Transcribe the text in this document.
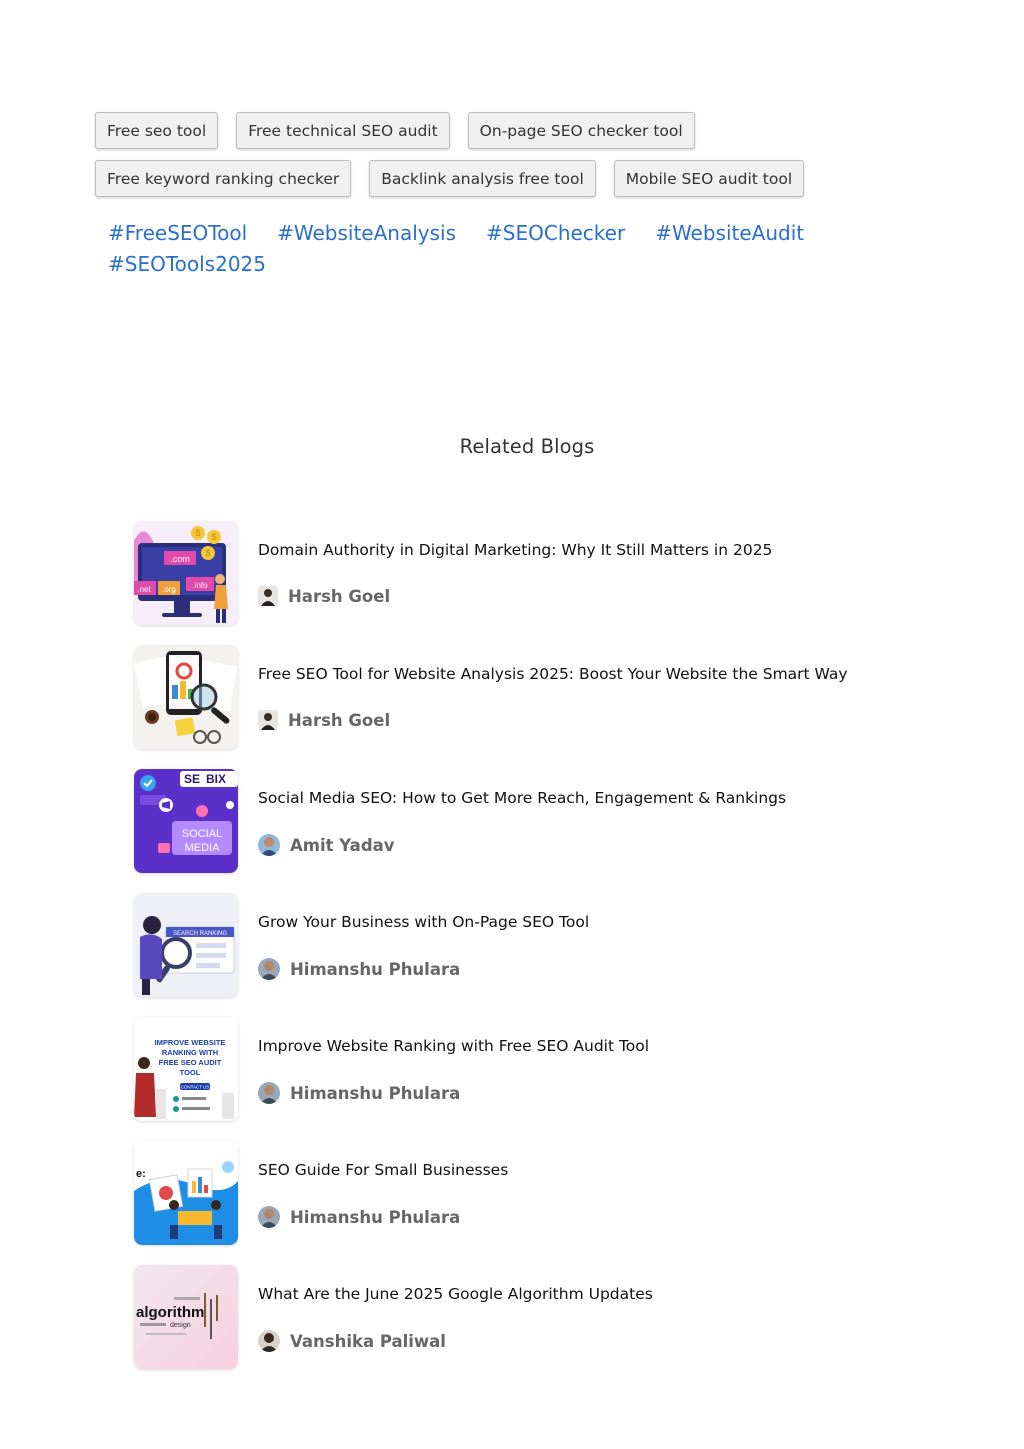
Free seo tool	Free technical SEO audit	On-page SEO checker tool
Free keyword ranking checker	Backlink analysis free tool	Mobile SEO audit tool
#FreeSEOTool #WebsiteAnalysis #SEOChecker #WebsiteAudit
#SEOTools2025
Related Blogs
.com
.net .org .info
$ $
$	Domain Authority in Digital Marketing: Why It Still Matters in 2025
Harsh Goel
Free SEO Tool for Website Analysis 2025: Boost Your Website the Smart Way
Harsh Goel
SE BIX
SOCIAL
MEDIA
Social Media SEO: How to Get More Reach, Engagement & Rankings
Amit Yadav
SEARCH RANKING
Grow Your Business with On-Page SEO Tool
Himanshu Phulara
IMPROVE WEBSITE
RANKING WITH
FREE SEO AUDIT
TOOL
CONTACT US
Improve Website Ranking with Free SEO Audit Tool
Himanshu Phulara
e:	SEO Guide For Small Businesses
Himanshu Phulara
algorithm
design
What Are the June 2025 Google Algorithm Updates
Vanshika Paliwal
